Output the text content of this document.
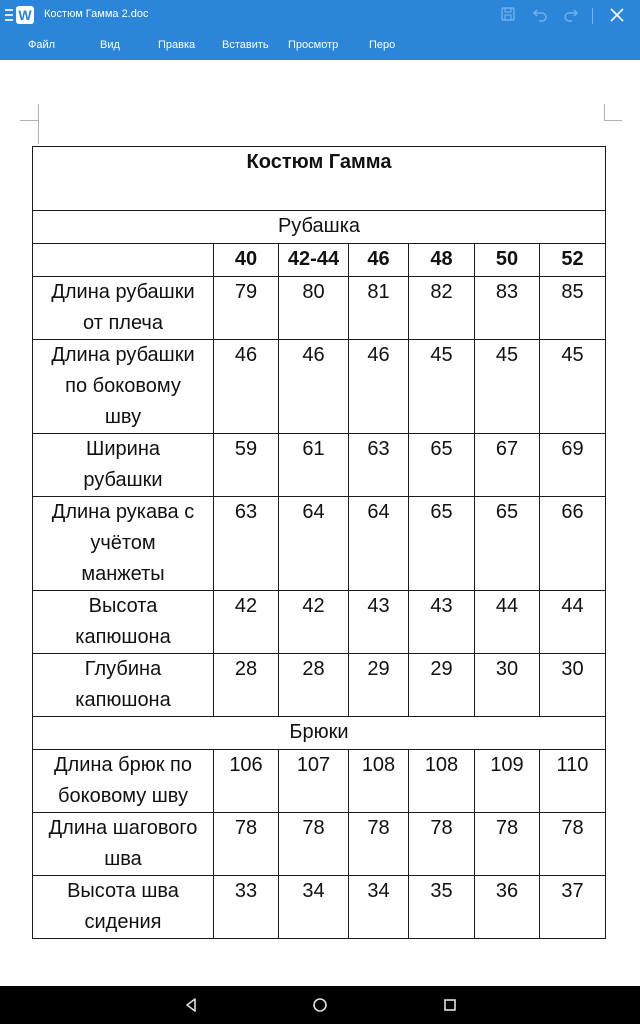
W Костюм Гамма 2.doc
Файл	Вид	Правка Вставить Просмотр	Перо
Костюм Гамма						
Рубашка						
	40	42-44	46	48	50	52

Длина рубашки
от плеча	79	80	81	82	83	85

Длина рубашки
по боковому
шву	46	46	46	45	45	45

Ширина
рубашки	59	61	63	65	67	69

Длина рукава с
учётом
манжеты	63	64	64	65	65	66

Высота
капюшона	42	42	43	43	44	44

Глубина
капюшона	28	28	29	29	30	30
Брюки						

Длина брюк по
боковому шву	106	107	108	108	109	110

Длина шагового
шва	78	78	78	78	78	78

Высота шва
сидения	33	34	34	35	36	37
